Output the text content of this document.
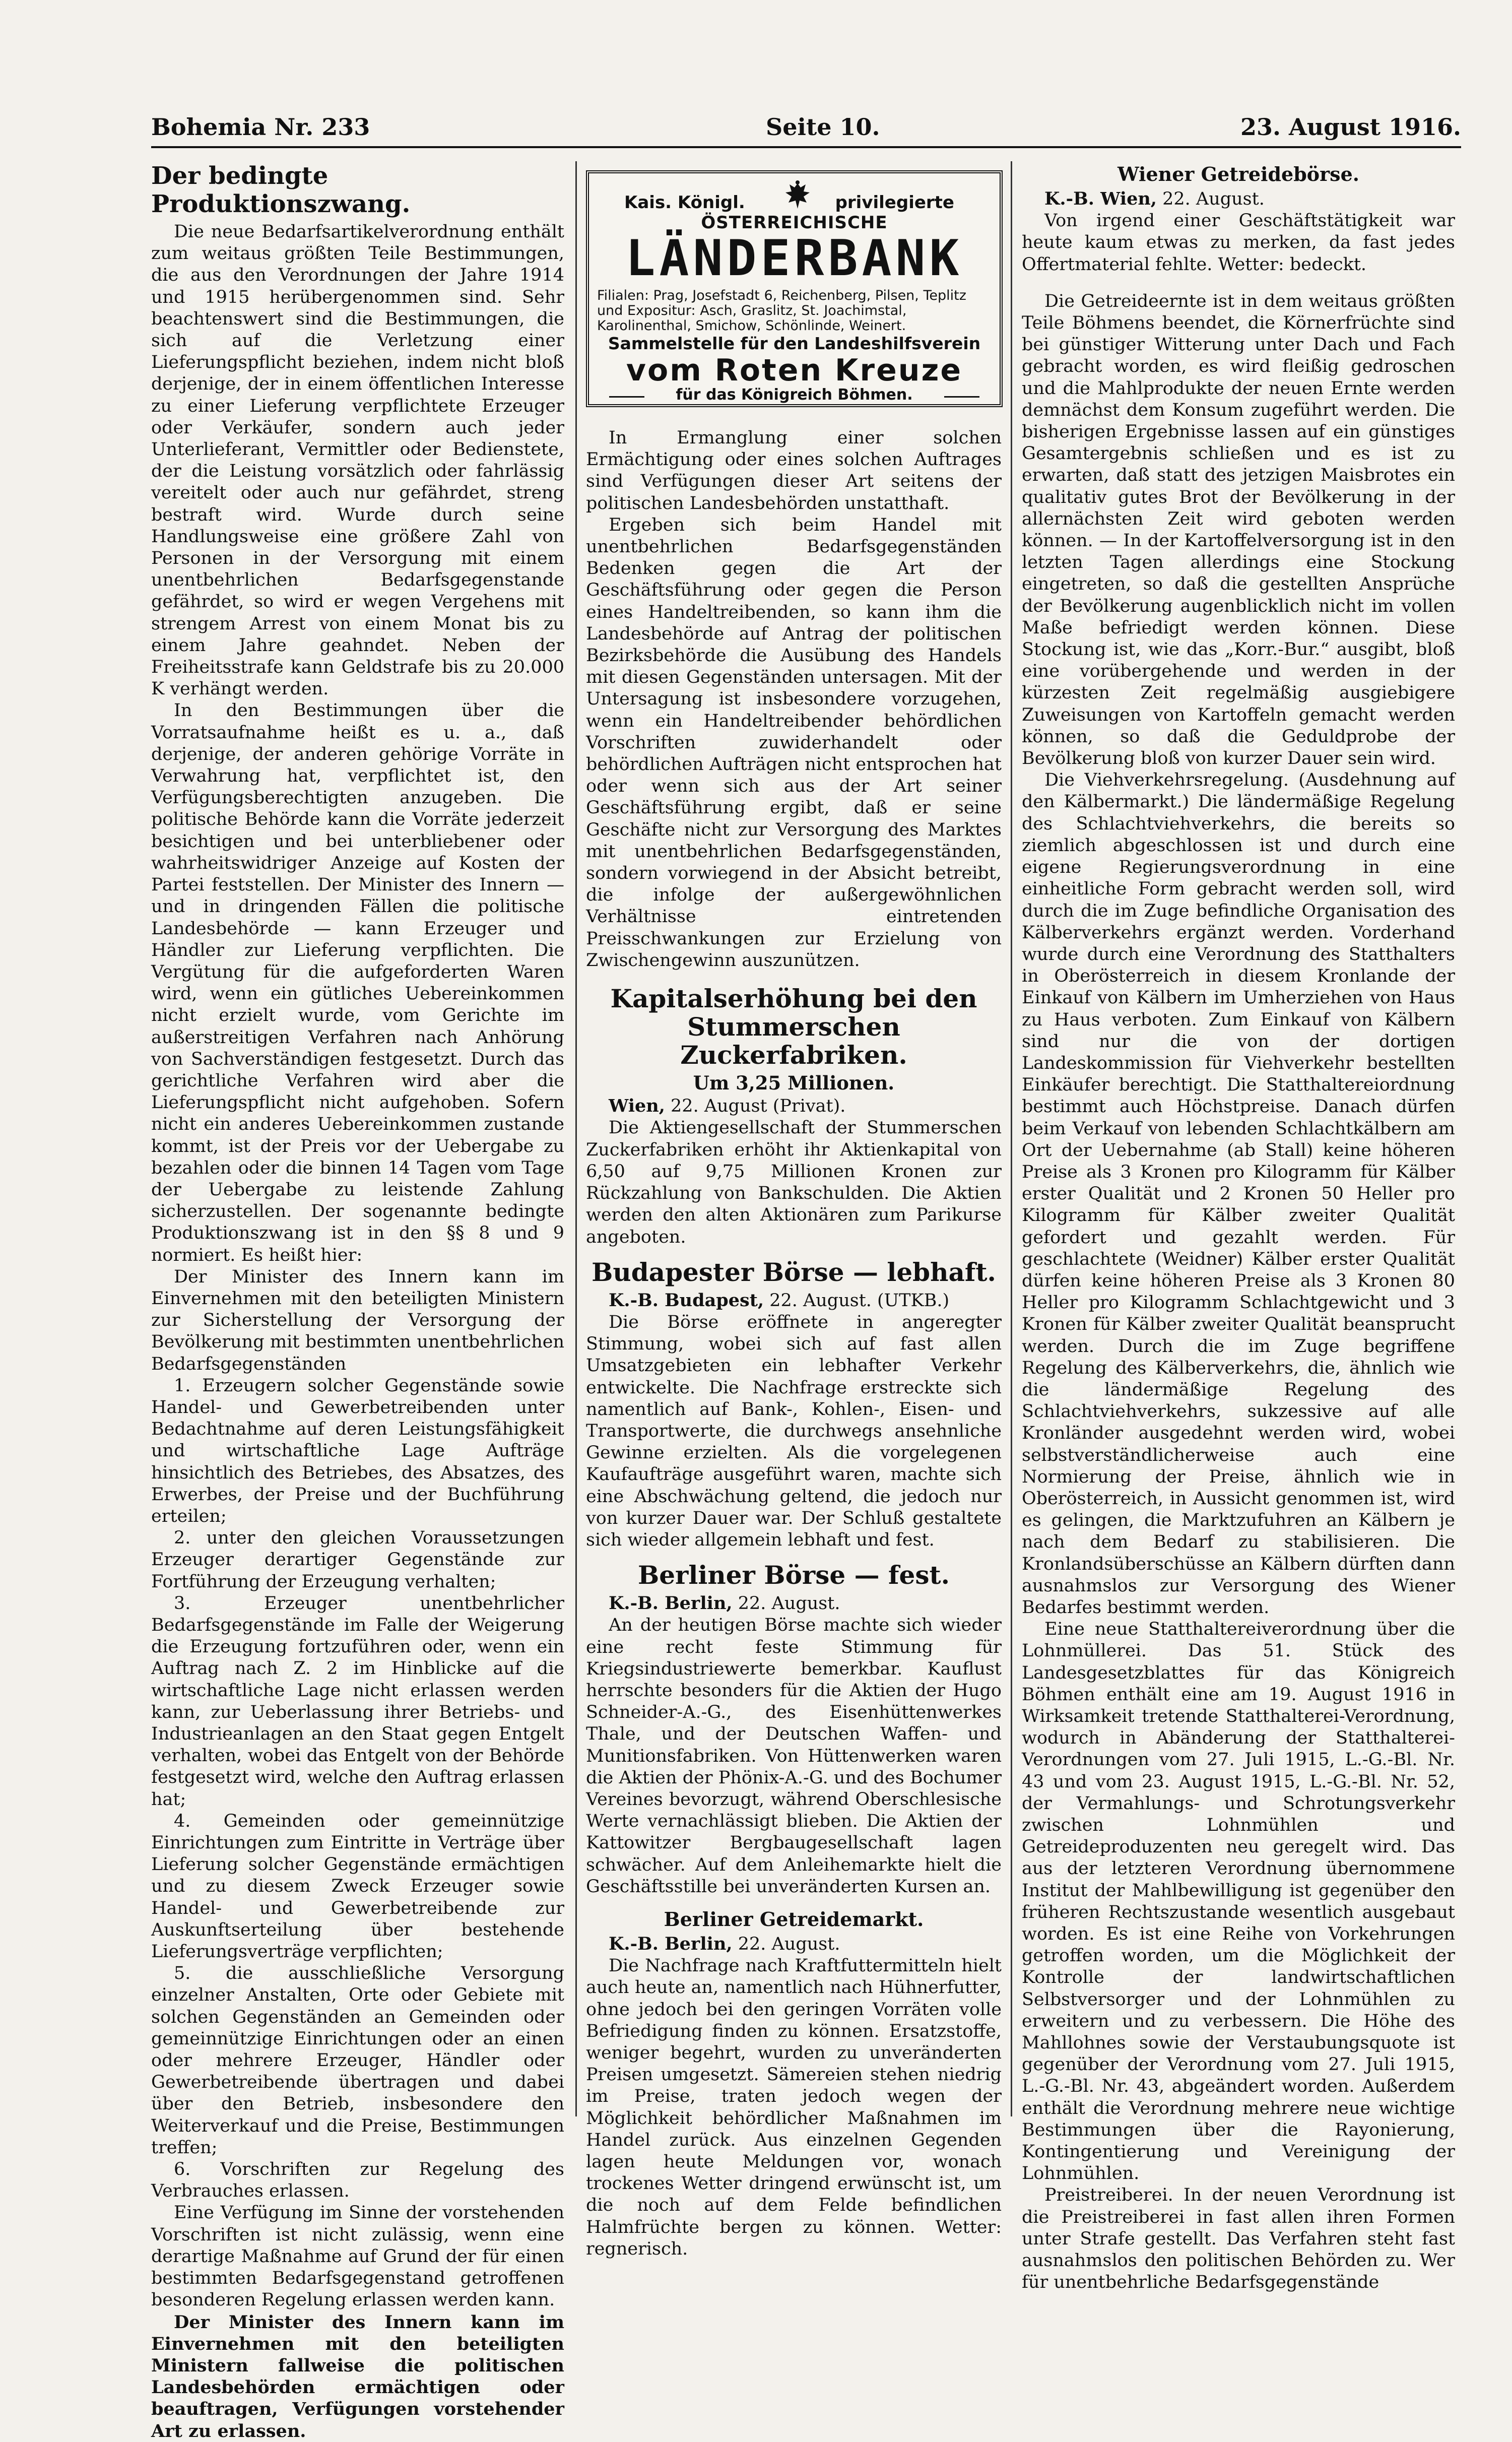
Bohemia Nr. 233	Seite 10.	23. August 1916.
Der bedingte Produktionszwang.

Die neue Bedarfsartikelverordnung enthält zum weitaus größten Teile Bestimmungen, die aus den Verordnungen der Jahre 1914 und 1915 herübergenommen sind. Sehr beachtenswert sind die Bestimmungen, die sich auf die Verletzung einer Lieferungspflicht beziehen, indem nicht bloß derjenige, der in einem öffentlichen Interesse zu einer Lieferung verpflichtete Erzeuger oder Verkäufer, sondern auch jeder Unterlieferant, Vermittler oder Bedienstete, der die Leistung vorsätzlich oder fahrlässig vereitelt oder auch nur gefährdet, streng bestraft wird. Wurde durch seine Handlungsweise eine größere Zahl von Personen in der Versorgung mit einem unentbehrlichen Bedarfsgegenstande gefährdet, so wird er wegen Vergehens mit strengem Arrest von einem Monat bis zu einem Jahre geahndet. Neben der Freiheitsstrafe kann Geldstrafe bis zu 20.000 K verhängt werden.

In den Bestimmungen über die Vorratsaufnahme heißt es u. a., daß derjenige, der anderen gehörige Vorräte in Verwahrung hat, verpflichtet ist, den Verfügungsberechtigten anzugeben. Die politische Behörde kann die Vorräte jederzeit besichtigen und bei unterbliebener oder wahrheitswidriger Anzeige auf Kosten der Partei feststellen. Der Minister des Innern — und in dringenden Fällen die politische Landesbehörde — kann Erzeuger und Händler zur Lieferung verpflichten. Die Vergütung für die aufgeforderten Waren wird, wenn ein gütliches Uebereinkommen nicht erzielt wurde, vom Gerichte im außerstreitigen Verfahren nach Anhörung von Sachverständigen festgesetzt. Durch das gerichtliche Verfahren wird aber die Lieferungspflicht nicht aufgehoben. Sofern nicht ein anderes Uebereinkommen zustande kommt, ist der Preis vor der Uebergabe zu bezahlen oder die binnen 14 Tagen vom Tage der Uebergabe zu leistende Zahlung sicherzustellen. Der sogenannte bedingte Produktionszwang ist in den §§ 8 und 9 normiert. Es heißt hier:

Der Minister des Innern kann im Einvernehmen mit den beteiligten Ministern zur Sicherstellung der Versorgung der Bevölkerung mit bestimmten unentbehrlichen Bedarfsgegenständen

1. Erzeugern solcher Gegenstände sowie Handel- und Gewerbetreibenden unter Bedachtnahme auf deren Leistungsfähigkeit und wirtschaftliche Lage Aufträge hinsichtlich des Betriebes, des Absatzes, des Erwerbes, der Preise und der Buchführung erteilen;

2. unter den gleichen Voraussetzungen Erzeuger derartiger Gegenstände zur Fortführung der Erzeugung verhalten;

3. Erzeuger unentbehrlicher Bedarfsgegenstände im Falle der Weigerung die Erzeugung fortzuführen oder, wenn ein Auftrag nach Z. 2 im Hinblicke auf die wirtschaftliche Lage nicht erlassen werden kann, zur Ueberlassung ihrer Betriebs- und Industrieanlagen an den Staat gegen Entgelt verhalten, wobei das Entgelt von der Behörde festgesetzt wird, welche den Auftrag erlassen hat;

4. Gemeinden oder gemeinnützige Einrichtungen zum Eintritte in Verträge über Lieferung solcher Gegenstände ermächtigen und zu diesem Zweck Erzeuger sowie Handel- und Gewerbetreibende zur Auskunftserteilung über bestehende Lieferungsverträge verpflichten;

5. die ausschließliche Versorgung einzelner Anstalten, Orte oder Gebiete mit solchen Gegenständen an Gemeinden oder gemeinnützige Einrichtungen oder an einen oder mehrere Erzeuger, Händler oder Gewerbetreibende übertragen und dabei über den Betrieb, insbesondere den Weiterverkauf und die Preise, Bestimmungen treffen;

6. Vorschriften zur Regelung des Verbrauches erlassen.

Eine Verfügung im Sinne der vorstehenden Vorschriften ist nicht zulässig, wenn eine derartige Maßnahme auf Grund der für einen bestimmten Bedarfsgegenstand getroffenen besonderen Regelung erlassen werden kann.

Der Minister des Innern kann im Einvernehmen mit den beteiligten Ministern fallweise die politischen Landesbehörden ermächtigen oder beauftragen, Verfügungen vorstehender Art zu erlassen.

Kais. Königl.	privilegierte
ÖSTERREICHISCHE
LÄNDERBANK
Filialen: Prag, Josefstadt 6, Reichenberg, Pilsen, Teplitz und Expositur: Asch, Graslitz, St. Joachimstal, Karolinenthal, Smichow, Schönlinde, Weinert.
Sammelstelle für den Landeshilfsverein
vom Roten Kreuze
für das Königreich Böhmen.

In Ermanglung einer solchen Ermächtigung oder eines solchen Auftrages sind Verfügungen dieser Art seitens der politischen Landesbehörden unstatthaft.

Ergeben sich beim Handel mit unentbehrlichen Bedarfsgegenständen Bedenken gegen die Art der Geschäftsführung oder gegen die Person eines Handeltreibenden, so kann ihm die Landesbehörde auf Antrag der politischen Bezirksbehörde die Ausübung des Handels mit diesen Gegenständen untersagen. Mit der Untersagung ist insbesondere vorzugehen, wenn ein Handeltreibender behördlichen Vorschriften zuwiderhandelt oder behördlichen Aufträgen nicht entsprochen hat oder wenn sich aus der Art seiner Geschäftsführung ergibt, daß er seine Geschäfte nicht zur Versorgung des Marktes mit unentbehrlichen Bedarfsgegenständen, sondern vorwiegend in der Absicht betreibt, die infolge der außergewöhnlichen Verhältnisse eintretenden Preisschwankungen zur Erzielung von Zwischengewinn auszunützen.

Kapitalserhöhung bei den Stummerschen Zuckerfabriken.
Um 3,25 Millionen.

Wien, 22. August (Privat).

Die Aktiengesellschaft der Stummerschen Zuckerfabriken erhöht ihr Aktienkapital von 6,50 auf 9,75 Millionen Kronen zur Rückzahlung von Bankschulden. Die Aktien werden den alten Aktionären zum Parikurse angeboten.

Budapester Börse — lebhaft.

K.-B. Budapest, 22. August. (UTKB.)

Die Börse eröffnete in angeregter Stimmung, wobei sich auf fast allen Umsatzgebieten ein lebhafter Verkehr entwickelte. Die Nachfrage erstreckte sich namentlich auf Bank-, Kohlen-, Eisen- und Transportwerte, die durchwegs ansehnliche Gewinne erzielten. Als die vorgelegenen Kaufaufträge ausgeführt waren, machte sich eine Abschwächung geltend, die jedoch nur von kurzer Dauer war. Der Schluß gestaltete sich wieder allgemein lebhaft und fest.

Berliner Börse — fest.

K.-B. Berlin, 22. August.

An der heutigen Börse machte sich wieder eine recht feste Stimmung für Kriegsindustriewerte bemerkbar. Kauflust herrschte besonders für die Aktien der Hugo Schneider-A.-G., des Eisenhüttenwerkes Thale, und der Deutschen Waffen- und Munitionsfabriken. Von Hüttenwerken waren die Aktien der Phönix-A.-G. und des Bochumer Vereines bevorzugt, während Oberschlesische Werte vernachlässigt blieben. Die Aktien der Kattowitzer Bergbaugesellschaft lagen schwächer. Auf dem Anleihemarkte hielt die Geschäftsstille bei unveränderten Kursen an.

Berliner Getreidemarkt.

K.-B. Berlin, 22. August.

Die Nachfrage nach Kraftfuttermitteln hielt auch heute an, namentlich nach Hühnerfutter, ohne jedoch bei den geringen Vorräten volle Befriedigung finden zu können. Ersatzstoffe, weniger begehrt, wurden zu unveränderten Preisen umgesetzt. Sämereien stehen niedrig im Preise, traten jedoch wegen der Möglichkeit behördlicher Maßnahmen im Handel zurück. Aus einzelnen Gegenden lagen heute Meldungen vor, wonach trockenes Wetter dringend erwünscht ist, um die noch auf dem Felde befindlichen Halmfrüchte bergen zu können. Wetter: regnerisch.

Wiener Getreidebörse.

K.-B. Wien, 22. August.

Von irgend einer Geschäftstätigkeit war heute kaum etwas zu merken, da fast jedes Offertmaterial fehlte. Wetter: bedeckt.

Die Getreideernte ist in dem weitaus größten Teile Böhmens beendet, die Körnerfrüchte sind bei günstiger Witterung unter Dach und Fach gebracht worden, es wird fleißig gedroschen und die Mahlprodukte der neuen Ernte werden demnächst dem Konsum zugeführt werden. Die bisherigen Ergebnisse lassen auf ein günstiges Gesamtergebnis schließen und es ist zu erwarten, daß statt des jetzigen Maisbrotes ein qualitativ gutes Brot der Bevölkerung in der allernächsten Zeit wird geboten werden können. — In der Kartoffelversorgung ist in den letzten Tagen allerdings eine Stockung eingetreten, so daß die gestellten Ansprüche der Bevölkerung augenblicklich nicht im vollen Maße befriedigt werden können. Diese Stockung ist, wie das „Korr.-Bur.“ ausgibt, bloß eine vorübergehende und werden in der kürzesten Zeit regelmäßig ausgiebigere Zuweisungen von Kartoffeln gemacht werden können, so daß die Geduldprobe der Bevölkerung bloß von kurzer Dauer sein wird.

Die Viehverkehrsregelung. (Ausdehnung auf den Kälbermarkt.) Die ländermäßige Regelung des Schlachtviehverkehrs, die bereits so ziemlich abgeschlossen ist und durch eine eigene Regierungsverordnung in eine einheitliche Form gebracht werden soll, wird durch die im Zuge befindliche Organisation des Kälberverkehrs ergänzt werden. Vorderhand wurde durch eine Verordnung des Statthalters in Oberösterreich in diesem Kronlande der Einkauf von Kälbern im Umherziehen von Haus zu Haus verboten. Zum Einkauf von Kälbern sind nur die von der dortigen Landeskommission für Viehverkehr bestellten Einkäufer berechtigt. Die Statthaltereiordnung bestimmt auch Höchstpreise. Danach dürfen beim Verkauf von lebenden Schlachtkälbern am Ort der Uebernahme (ab Stall) keine höheren Preise als 3 Kronen pro Kilogramm für Kälber erster Qualität und 2 Kronen 50 Heller pro Kilogramm für Kälber zweiter Qualität gefordert und gezahlt werden. Für geschlachtete (Weidner) Kälber erster Qualität dürfen keine höheren Preise als 3 Kronen 80 Heller pro Kilogramm Schlachtgewicht und 3 Kronen für Kälber zweiter Qualität beansprucht werden. Durch die im Zuge begriffene Regelung des Kälberverkehrs, die, ähnlich wie die ländermäßige Regelung des Schlachtviehverkehrs, sukzessive auf alle Kronländer ausgedehnt werden wird, wobei selbstverständlicherweise auch eine Normierung der Preise, ähnlich wie in Oberösterreich, in Aussicht genommen ist, wird es gelingen, die Marktzufuhren an Kälbern je nach dem Bedarf zu stabilisieren. Die Kronlandsüberschüsse an Kälbern dürften dann ausnahmslos zur Versorgung des Wiener Bedarfes bestimmt werden.

Eine neue Statthaltereiverordnung über die Lohnmüllerei. Das 51. Stück des Landesgesetzblattes für das Königreich Böhmen enthält eine am 19. August 1916 in Wirksamkeit tretende Statthalterei-Verordnung, wodurch in Abänderung der Statthalterei-Verordnungen vom 27. Juli 1915, L.-G.-Bl. Nr. 43 und vom 23. August 1915, L.-G.-Bl. Nr. 52, der Vermahlungs- und Schrotungsverkehr zwischen Lohnmühlen und Getreideproduzenten neu geregelt wird. Das aus der letzteren Verordnung übernommene Institut der Mahlbewilligung ist gegenüber den früheren Rechtszustande wesentlich ausgebaut worden. Es ist eine Reihe von Vorkehrungen getroffen worden, um die Möglichkeit der Kontrolle der landwirtschaftlichen Selbstversorger und der Lohnmühlen zu erweitern und zu verbessern. Die Höhe des Mahllohnes sowie der Verstaubungsquote ist gegenüber der Verordnung vom 27. Juli 1915, L.-G.-Bl. Nr. 43, abgeändert worden. Außerdem enthält die Verordnung mehrere neue wichtige Bestimmungen über die Rayonierung, Kontingentierung und Vereinigung der Lohnmühlen.

Preistreiberei. In der neuen Verordnung ist die Preistreiberei in fast allen ihren Formen unter Strafe gestellt. Das Verfahren steht fast ausnahmslos den politischen Behörden zu. Wer für unentbehrliche Bedarfsgegenstände
